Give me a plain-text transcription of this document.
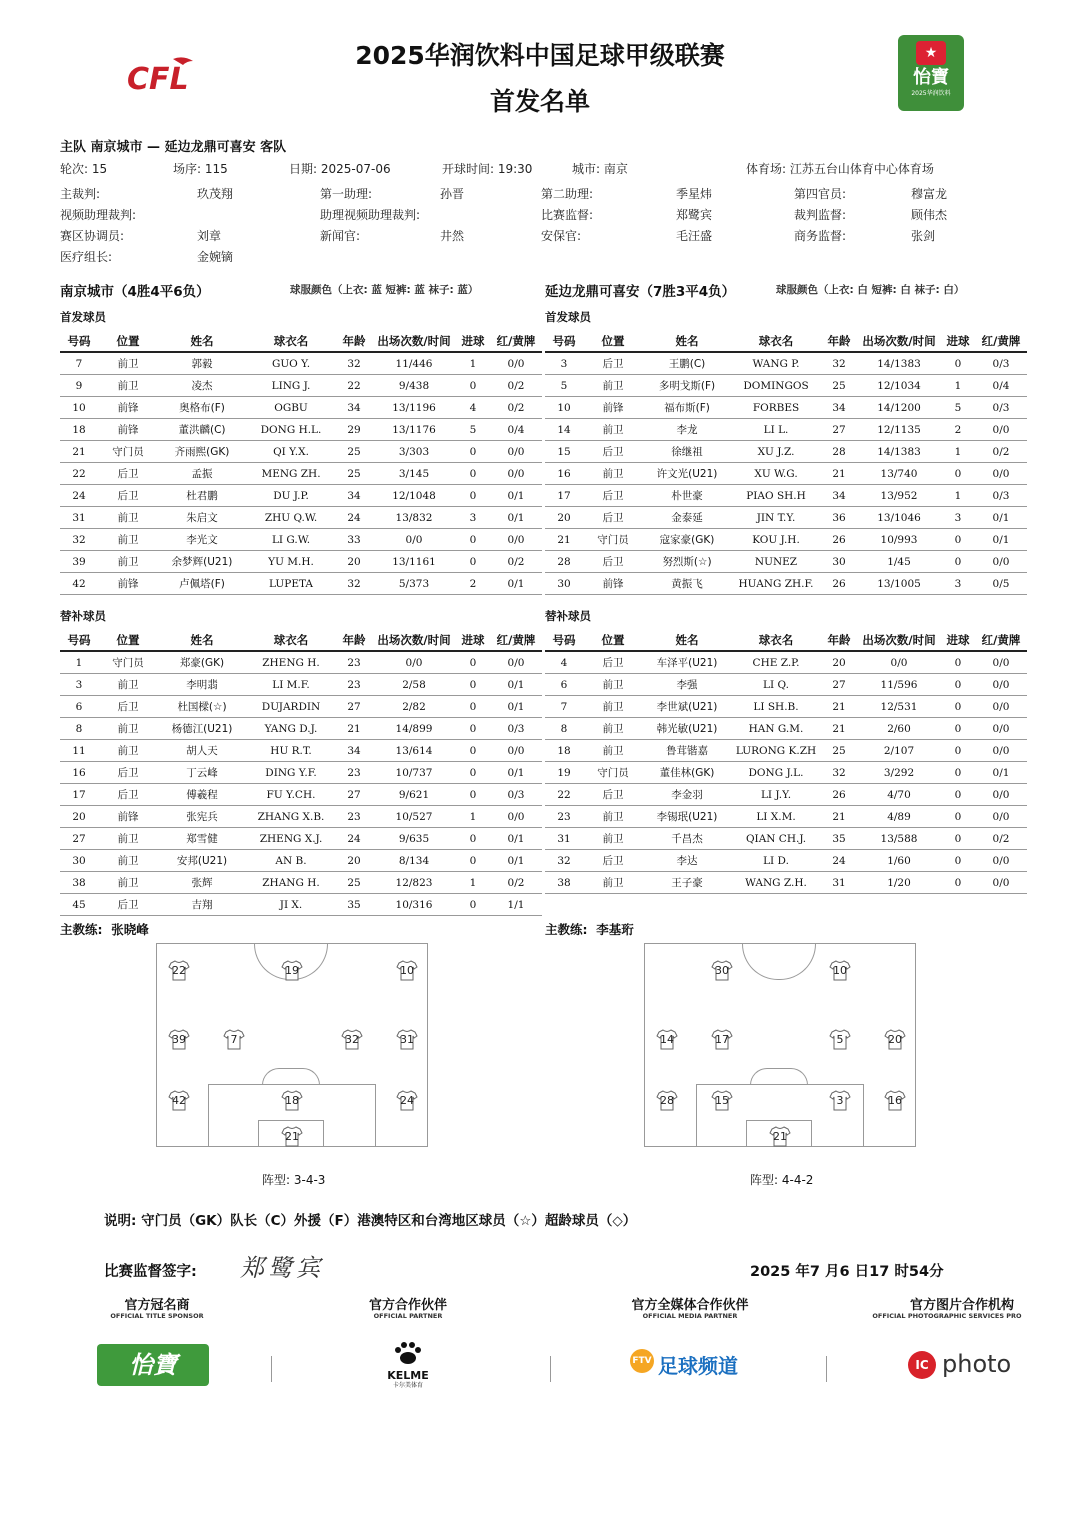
2025华润饮料中国足球甲级联赛
首发名单
CFL
★
怡寶
2025华润饮料
主队 南京城市 — 延边龙鼎可喜安 客队
轮次: 15	场序: 115	日期: 2025-07-06	开球时间: 19:30	城市: 南京	体育场: 江苏五台山体育中心体育场
主裁判:	玖茂翔	第一助理:	孙晋	第二助理:	季星炜	第四官员:	穆富龙
视频助理裁判:	助理视频助理裁判:	比赛监督:	郑鹭宾	裁判监督:	顾伟杰
赛区协调员:	刘章	新闻官:	井然	安保官:	毛汪盛	商务监督:	张剑
医疗组长:	金婉镝
南京城市（4胜4平6负）	球服颜色（上衣: 蓝 短裤: 蓝 袜子: 蓝）	延边龙鼎可喜安（7胜3平4负）	球服颜色（上衣: 白 短裤: 白 袜子: 白）
首发球员	首发球员
号码	位置	姓名	球衣名	年龄	出场次数/时间	进球	红/黄牌
7	前卫	郭毅	GUO Y.	32	11/446	1	0/0
9	前卫	凌杰	LING J.	22	9/438	0	0/2
10	前锋	奥格布(F)	OGBU	34	13/1196	4	0/2
18	前锋	董洪麟(C)	DONG H.L.	29	13/1176	5	0/4
21	守门员	齐雨熙(GK)	QI Y.X.	25	3/303	0	0/0
22	后卫	孟振	MENG ZH.	25	3/145	0	0/0
24	后卫	杜君鹏	DU J.P.	34	12/1048	0	0/1
31	前卫	朱启文	ZHU Q.W.	24	13/832	3	0/1
32	前卫	李光文	LI G.W.	33	0/0	0	0/0
39	前卫	余梦辉(U21)	YU M.H.	20	13/1161	0	0/2
42	前锋	卢佩塔(F)	LUPETA	32	5/373	2	0/1
号码	位置	姓名	球衣名	年龄	出场次数/时间	进球	红/黄牌
3	后卫	王鹏(C)	WANG P.	32	14/1383	0	0/3
5	前卫	多明戈斯(F)	DOMINGOS	25	12/1034	1	0/4
10	前锋	福布斯(F)	FORBES	34	14/1200	5	0/3
14	前卫	李龙	LI L.	27	12/1135	2	0/0
15	后卫	徐继祖	XU J.Z.	28	14/1383	1	0/2
16	前卫	许文光(U21)	XU W.G.	21	13/740	0	0/0
17	后卫	朴世豪	PIAO SH.H	34	13/952	1	0/3
20	后卫	金泰延	JIN T.Y.	36	13/1046	3	0/1
21	守门员	寇家豪(GK)	KOU J.H.	26	10/993	0	0/1
28	后卫	努烈斯(☆)	NUNEZ	30	1/45	0	0/0
30	前锋	黄振飞	HUANG ZH.F.	26	13/1005	3	0/5
替补球员	替补球员
号码	位置	姓名	球衣名	年龄	出场次数/时间	进球	红/黄牌
1	守门员	郑豪(GK)	ZHENG H.	23	0/0	0	0/0
3	前卫	李明翡	LI M.F.	23	2/58	0	0/1
6	后卫	杜国樑(☆)	DUJARDIN	27	2/82	0	0/1
8	前卫	杨德江(U21)	YANG D.J.	21	14/899	0	0/3
11	前卫	胡人天	HU R.T.	34	13/614	0	0/0
16	后卫	丁云峰	DING Y.F.	23	10/737	0	0/1
17	后卫	傅羲程	FU Y.CH.	27	9/621	0	0/3
20	前锋	张宪兵	ZHANG X.B.	23	10/527	1	0/0
27	前卫	郑雪健	ZHENG X.J.	24	9/635	0	0/1
30	前卫	安邦(U21)	AN B.	20	8/134	0	0/1
38	前卫	张辉	ZHANG H.	25	12/823	1	0/2
45	后卫	吉翔	JI X.	35	10/316	0	1/1
号码	位置	姓名	球衣名	年龄	出场次数/时间	进球	红/黄牌
4	后卫	车泽平(U21)	CHE Z.P.	20	0/0	0	0/0
6	前卫	李强	LI Q.	27	11/596	0	0/0
7	前卫	李世斌(U21)	LI SH.B.	21	12/531	0	0/0
8	前卫	韩光敏(U21)	HAN G.M.	21	2/60	0	0/0
18	前卫	鲁茸锴嘉	LURONG K.ZH	25	2/107	0	0/0
19	守门员	董佳林(GK)	DONG J.L.	32	3/292	0	0/1
22	后卫	李金羽	LI J.Y.	26	4/70	0	0/0
23	前卫	李锡珉(U21)	LI X.M.	21	4/89	0	0/0
31	前卫	千昌杰	QIAN CH.J.	35	13/588	0	0/2
32	后卫	李达	LI D.	24	1/60	0	0/0
38	前卫	王子豪	WANG Z.H.	31	1/20	0	0/0
主教练: 张晓峰	主教练: 李基珩
22	19	10
39	7	32	31
42	18	24
21
30	10
14	17	5	20
28	15	3	16
21
阵型: 3-4-3	阵型: 4-4-2
说明: 守门员（GK）队长（C）外援（F）港澳特区和台湾地区球员（☆）超龄球员（◇）
比赛监督签字: 郑鹭宾	2025 年7 月6 日17 时54分
官方冠名商
OFFICIAL TITLE SPONSOR
官方合作伙伴
OFFICIAL PARTNER
官方全媒体合作伙伴
OFFICIAL MEDIA PARTNER
官方图片合作机构
OFFICIAL PHOTOGRAPHIC SERVICES PRO
怡寶	KELME
卡尔美体育
FTV 足球频道	IC photo
